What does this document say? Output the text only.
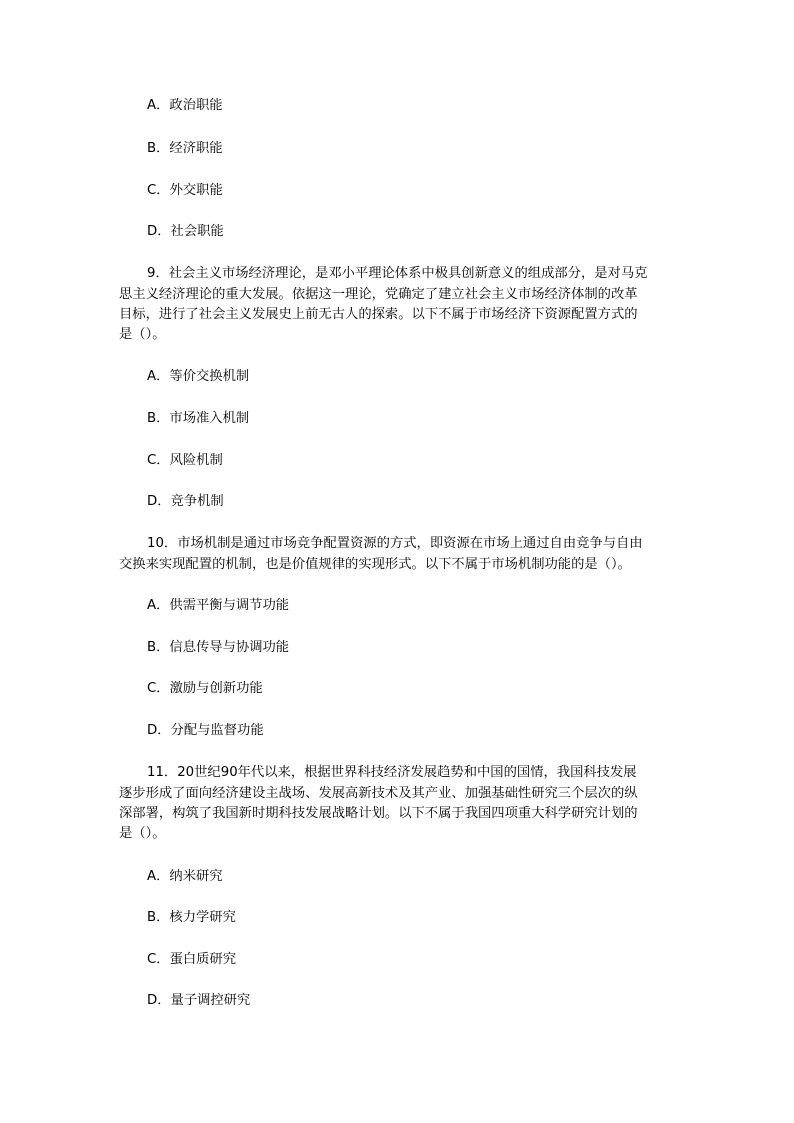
A．政治职能
B．经济职能
C．外交职能
D．社会职能
9．社会主义市场经济理论，是邓小平理论体系中极具创新意义的组成部分，是对马克
思主义经济理论的重大发展。依据这一理论，党确定了建立社会主义市场经济体制的改革
目标，进行了社会主义发展史上前无古人的探索。以下不属于市场经济下资源配置方式的
是（）。
A．等价交换机制
B．市场准入机制
C．风险机制
D．竞争机制
10．市场机制是通过市场竞争配置资源的方式，即资源在市场上通过自由竞争与自由
交换来实现配置的机制，也是价值规律的实现形式。以下不属于市场机制功能的是（）。
A．供需平衡与调节功能
B．信息传导与协调功能
C．激励与创新功能
D．分配与监督功能
11．20世纪90年代以来，根据世界科技经济发展趋势和中国的国情，我国科技发展
逐步形成了面向经济建设主战场、发展高新技术及其产业、加强基础性研究三个层次的纵
深部署，构筑了我国新时期科技发展战略计划。以下不属于我国四项重大科学研究计划的
是（）。
A．纳米研究
B．核力学研究
C．蛋白质研究
D．量子调控研究
